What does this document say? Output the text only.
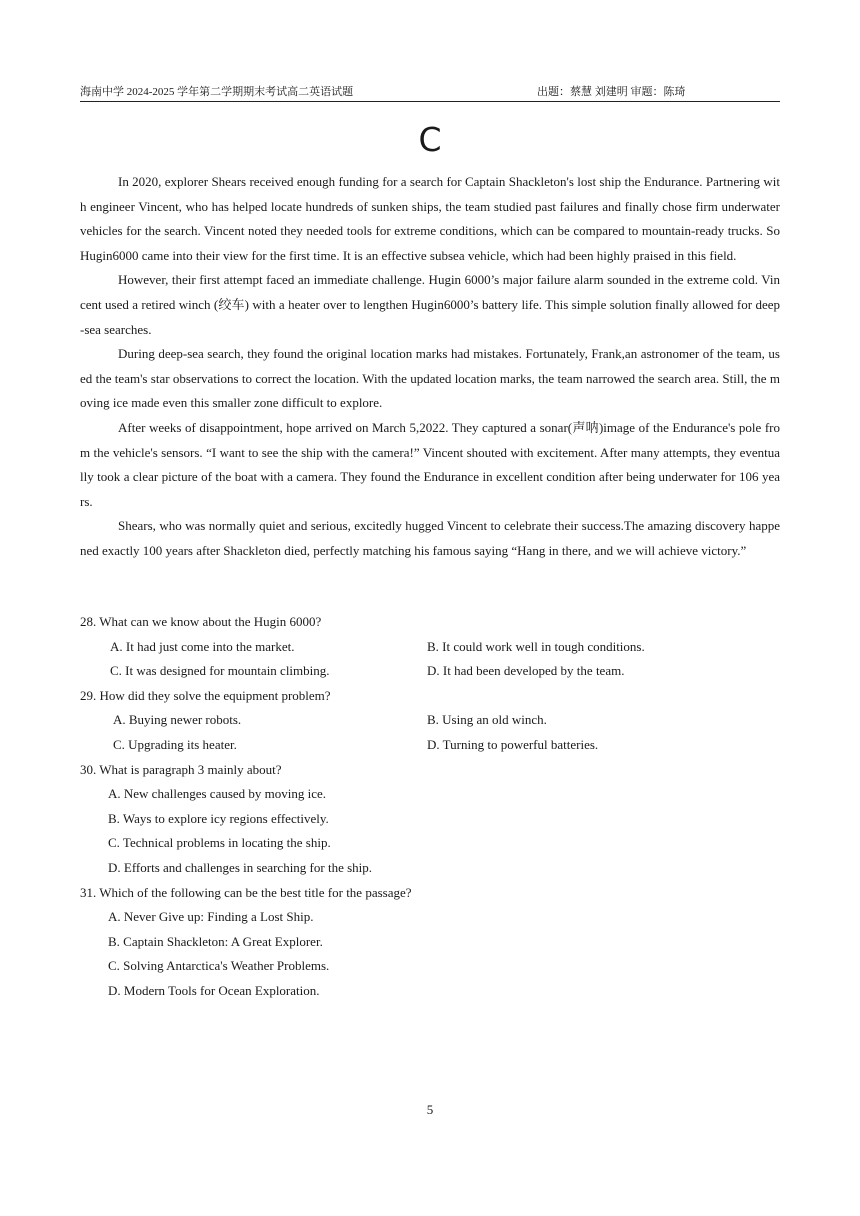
海南中学 2024-2025 学年第二学期期末考试高二英语试题	出题：蔡慧 刘建明 审题：陈琦
C

In 2020, explorer Shears received enough funding for a search for Captain Shackleton's lost ship the Endurance. Partnering with engineer Vincent, who has helped locate hundreds of sunken ships, the team studied past failures and finally chose firm underwater vehicles for the search. Vincent noted they needed tools for extreme conditions, which can be compared to mountain-ready trucks. So Hugin6000 came into their view for the first time. It is an effective subsea vehicle, which had been highly praised in this field.

However, their first attempt faced an immediate challenge. Hugin 6000’s major failure alarm sounded in the extreme cold. Vincent used a retired winch (绞车) with a heater over to lengthen Hugin6000’s battery life. This simple solution finally allowed for deep-sea searches.

During deep-sea search, they found the original location marks had mistakes. Fortunately, Frank,an astronomer of the team, used the team's star observations to correct the location. With the updated location marks, the team narrowed the search area. Still, the moving ice made even this smaller zone difficult to explore.

After weeks of disappointment, hope arrived on March 5,2022. They captured a sonar(声呐)image of the Endurance's pole from the vehicle's sensors. “I want to see the ship with the camera!” Vincent shouted with excitement. After many attempts, they eventually took a clear picture of the boat with a camera. They found the Endurance in excellent condition after being underwater for 106 years.

Shears, who was normally quiet and serious, excitedly hugged Vincent to celebrate their success.The amazing discovery happened exactly 100 years after Shackleton died, perfectly matching his famous saying “Hang in there, and we will achieve victory.”

28. What can we know about the Hugin 6000?

A. It had just come into the market.	B. It could work well in tough conditions.
C. It was designed for mountain climbing.	D. It had been developed by the team.

29. How did they solve the equipment problem?

A. Buying newer robots.	B. Using an old winch.
C. Upgrading its heater.	D. Turning to powerful batteries.

30. What is paragraph 3 mainly about?

A. New challenges caused by moving ice.

B. Ways to explore icy regions effectively.

C. Technical problems in locating the ship.

D. Efforts and challenges in searching for the ship.

31. Which of the following can be the best title for the passage?

A. Never Give up: Finding a Lost Ship.

B. Captain Shackleton: A Great Explorer.

C. Solving Antarctica's Weather Problems.

D. Modern Tools for Ocean Exploration.

5
